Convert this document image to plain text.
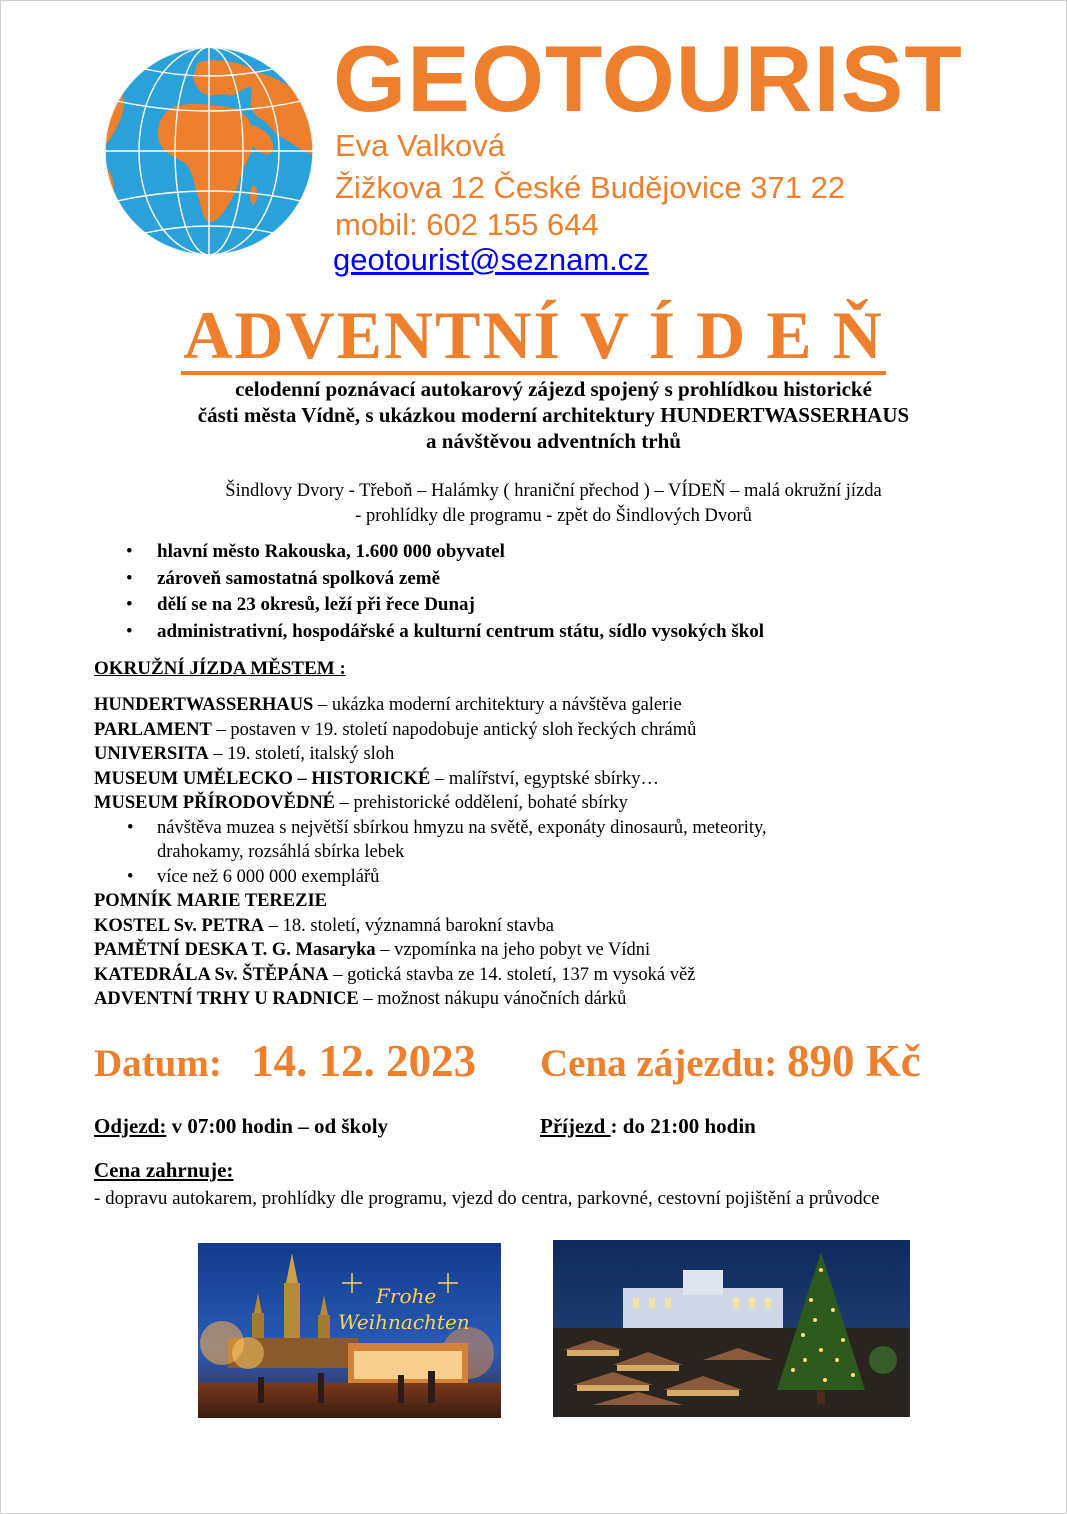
GEOTOURIST
Eva Valková
Žižkova 12 České Budějovice 371 22
mobil: 602 155 644
geotourist@seznam.cz
ADVENTNÍ V Í D E Ň
celodenní poznávací autokarový zájezd spojený s prohlídkou historické
části města Vídně, s ukázkou moderní architektury HUNDERTWASSERHAUS
a návštěvou adventních trhů
Šindlovy Dvory - Třeboň – Halámky ( hraniční přechod ) – VÍDEŇ – malá okružní jízda
- prohlídky dle programu - zpět do Šindlových Dvorů
• hlavní město Rakouska, 1.600 000 obyvatel
• zároveň samostatná spolková země
• dělí se na 23 okresů, leží při řece Dunaj
• administrativní, hospodářské a kulturní centrum státu, sídlo vysokých škol
OKRUŽNÍ JÍZDA MĚSTEM :
HUNDERTWASSERHAUS – ukázka moderní architektury a návštěva galerie
PARLAMENT – postaven v 19. století napodobuje antický sloh řeckých chrámů
UNIVERSITA – 19. století, italský sloh
MUSEUM UMĚLECKO – HISTORICKÉ – malířství, egyptské sbírky…
MUSEUM PŘÍRODOVĚDNÉ – prehistorické oddělení, bohaté sbírky
• návštěva muzea s největší sbírkou hmyzu na světě, exponáty dinosaurů, meteority,
drahokamy, rozsáhlá sbírka lebek
• více než 6 000 000 exemplářů
POMNÍK MARIE TEREZIE
KOSTEL Sv. PETRA – 18. století, významná barokní stavba
PAMĚTNÍ DESKA T. G. Masaryka – vzpomínka na jeho pobyt ve Vídni
KATEDRÁLA Sv. ŠTĚPÁNA – gotická stavba ze 14. století, 137 m vysoká věž
ADVENTNÍ TRHY U RADNICE – možnost nákupu vánočních dárků
Datum: 14. 12. 2023 Cena zájezdu: 890 Kč
Odjezd: v 07:00 hodin – od školy	Příjezd : do 21:00 hodin
Cena zahrnuje:
- dopravu autokarem, prohlídky dle programu, vjezd do centra, parkovné, cestovní pojištění a průvodce
Frohe
Weihnachten
